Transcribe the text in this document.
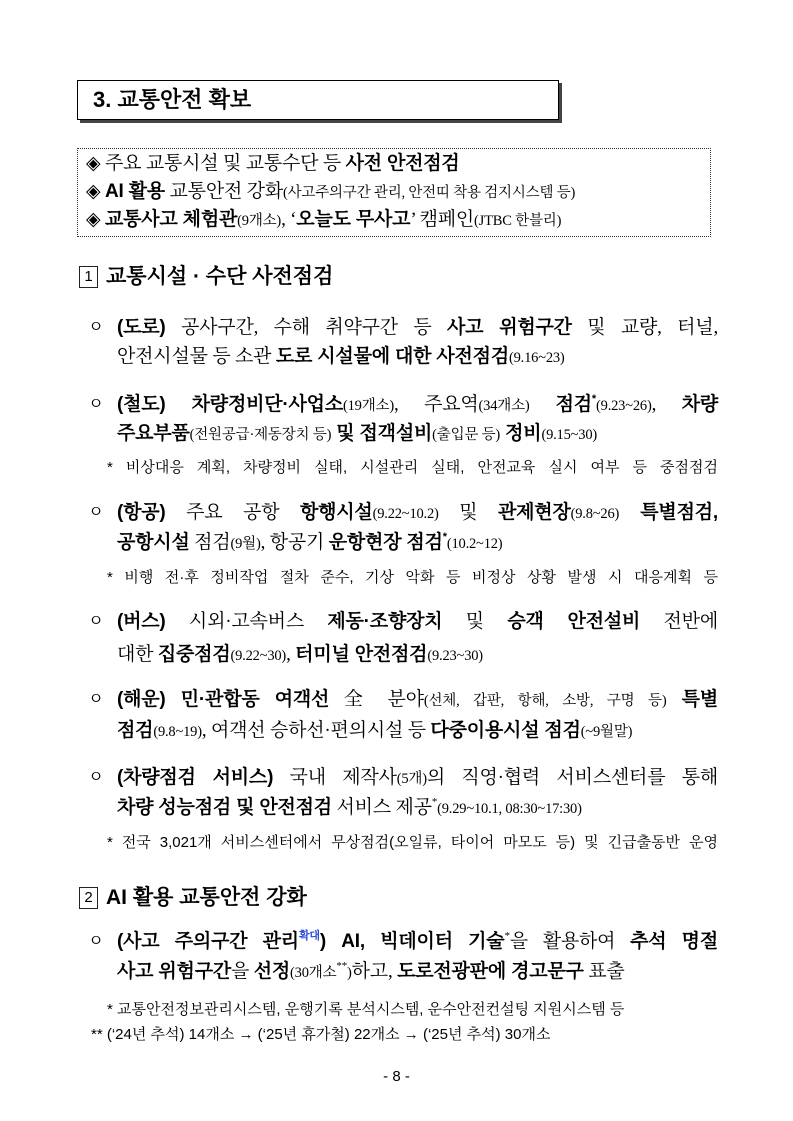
3. 교통안전 확보
◈ 주요 교통시설 및 교통수단 등 사전 안전점검
◈ AI 활용 교통안전 강화(사고주의구간 관리, 안전띠 착용 검지시스템 등)
◈ 교통사고 체험관(9개소), ‘오늘도 무사고’ 캠페인(JTBC 한블리)
1 교통시설 · 수단 사전점검
ㅇ (도로) 공사구간, 수해 취약구간 등 사고 위험구간 및 교량, 터널,
안전시설물 등 소관 도로 시설물에 대한 사전점검(9.16~23)
ㅇ (철도) 차량정비단·사업소(19개소), 주요역(34개소) 점검*(9.23~26), 차량
주요부품(전원공급·제동장치 등) 및 접객설비(출입문 등) 정비(9.15~30)
* 비상대응 계획, 차량정비 실태, 시설관리 실태, 안전교육 실시 여부 등 중점점검
ㅇ (항공) 주요 공항 항행시설(9.22~10.2) 및 관제현장(9.8~26) 특별점검,
공항시설 점검(9월), 항공기 운항현장 점검*(10.2~12)
* 비행 전·후 정비작업 절차 준수, 기상 악화 등 비정상 상황 발생 시 대응계획 등
ㅇ (버스) 시외·고속버스 제동·조향장치 및 승객 안전설비 전반에
대한 집중점검(9.22~30), 터미널 안전점검(9.23~30)
ㅇ (해운) 민·관합동 여객선 全 분야(선체, 갑판, 항해, 소방, 구명 등) 특별
점검(9.8~19), 여객선 승하선·편의시설 등 다중이용시설 점검(~9월말)
ㅇ (차량점검 서비스) 국내 제작사(5개)의 직영·협력 서비스센터를 통해
차량 성능점검 및 안전점검 서비스 제공*(9.29~10.1, 08:30~17:30)
* 전국 3,021개 서비스센터에서 무상점검(오일류, 타이어 마모도 등) 및 긴급출동반 운영
2 AI 활용 교통안전 강화
ㅇ (사고 주의구간 관리$^{확대}$) AI, 빅데이터 기술*을 활용하여 추석 명절
사고 위험구간을 선정(30개소**)하고, 도로전광판에 경고문구 표출
* 교통안전정보관리시스템, 운행기록 분석시스템, 운수안전컨설팅 지원시스템 등
** (‘24년 추석) 14개소 → (‘25년 휴가철) 22개소 → (‘25년 추석) 30개소
- 8 -
